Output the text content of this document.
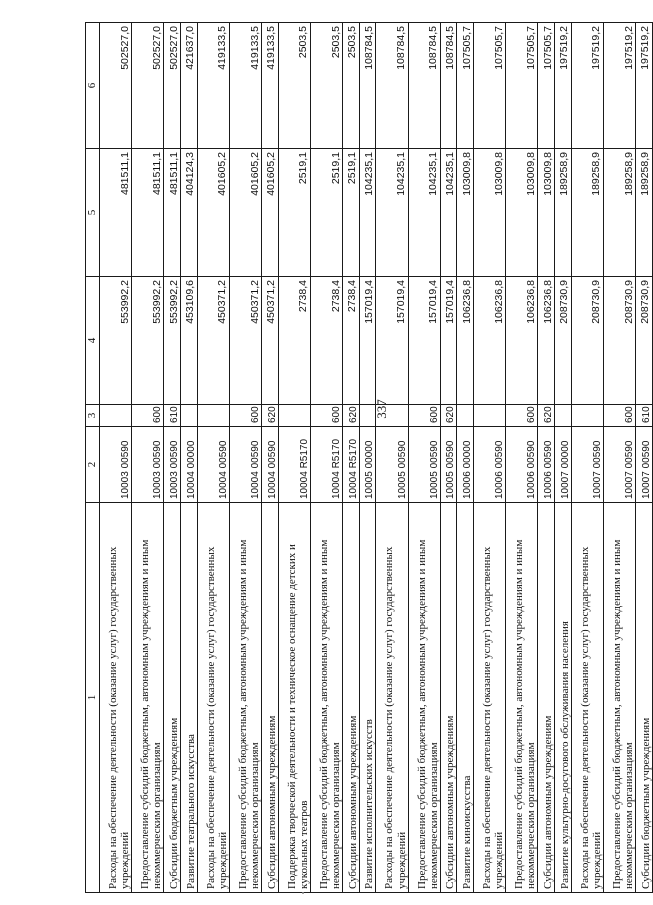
337
1	2	3	4	5	6
Расходы на обеспечение деятельности (оказание услуг) государственных учреждений	10003 00590		553992,2	481511,1	502527,0
Предоставление субсидий бюджетным, автономным учреждениям и иным некоммерческим организациям	10003 00590	600	553992,2	481511,1	502527,0
Субсидии бюджетным учреждениям	10003 00590	610	553992,2	481511,1	502527,0
Развитие театрального искусства	10004 00000		453109,6	404124,3	421637,0
Расходы на обеспечение деятельности (оказание услуг) государственных учреждений	10004 00590		450371,2	401605,2	419133,5
Предоставление субсидий бюджетным, автономным учреждениям и иным некоммерческим организациям	10004 00590	600	450371,2	401605,2	419133,5
Субсидии автономным учреждениям	10004 00590	620	450371,2	401605,2	419133,5
Поддержка творческой деятельности и техническое оснащение детских и кукольных театров	10004 R5170		2738,4	2519,1	2503,5
Предоставление субсидий бюджетным, автономным учреждениям и иным некоммерческим организациям	10004 R5170	600	2738,4	2519,1	2503,5
Субсидии автономным учреждениям	10004 R5170	620	2738,4	2519,1	2503,5
Развитие исполнительских искусств	10005 00000		157019,4	104235,1	108784,5
Расходы на обеспечение деятельности (оказание услуг) государственных учреждений	10005 00590		157019,4	104235,1	108784,5
Предоставление субсидий бюджетным, автономным учреждениям и иным некоммерческим организациям	10005 00590	600	157019,4	104235,1	108784,5
Субсидии автономным учреждениям	10005 00590	620	157019,4	104235,1	108784,5
Развитие киноискусства	10006 00000		106236,8	103009,8	107505,7
Расходы на обеспечение деятельности (оказание услуг) государственных учреждений	10006 00590		106236,8	103009,8	107505,7
Предоставление субсидий бюджетным, автономным учреждениям и иным некоммерческим организациям	10006 00590	600	106236,8	103009,8	107505,7
Субсидии автономным учреждениям	10006 00590	620	106236,8	103009,8	107505,7
Развитие культурно-досугового обслуживания населения	10007 00000		208730,9	189258,9	197519,2
Расходы на обеспечение деятельности (оказание услуг) государственных учреждений	10007 00590		208730,9	189258,9	197519,2
Предоставление субсидий бюджетным, автономным учреждениям и иным некоммерческим организациям	10007 00590	600	208730,9	189258,9	197519,2
Субсидии бюджетным учреждениям	10007 00590	610	208730,9	189258,9	197519,2
